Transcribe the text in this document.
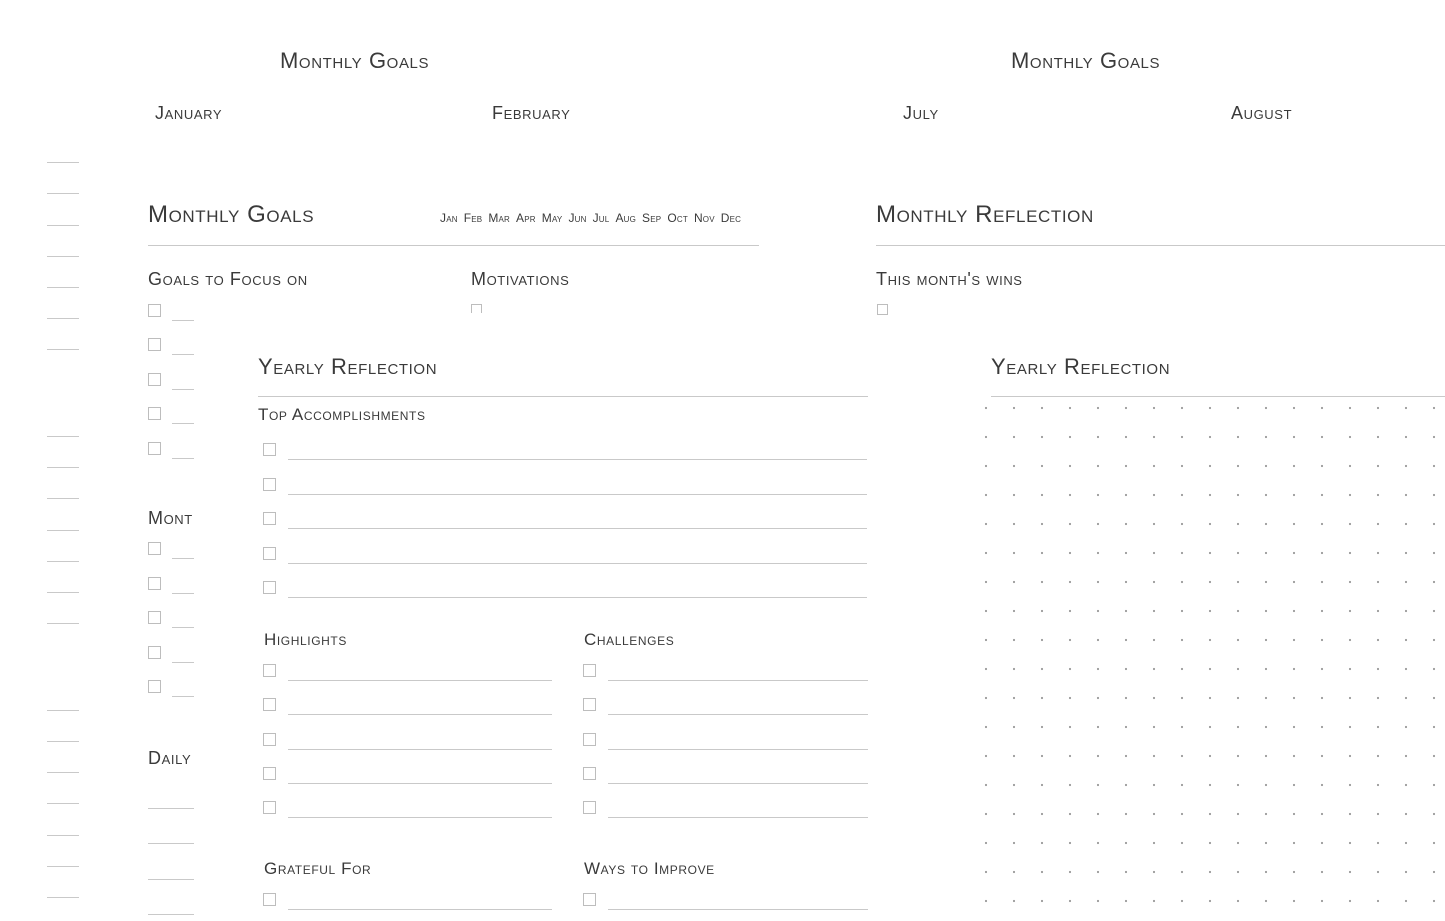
Monthly Goals	Monthly Goals
January	February	July	August
Monthly Goals	Jan Feb Mar Apr May Jun Jul Aug Sep Oct Nov Dec
Goals to Focus on	Motivations
Mont
Daily
Monthly Reflection
This month's wins
Yearly Reflection
Yearly Reflection
Top Accomplishments
Highlights	Challenges
Grateful For	Ways to Improve
